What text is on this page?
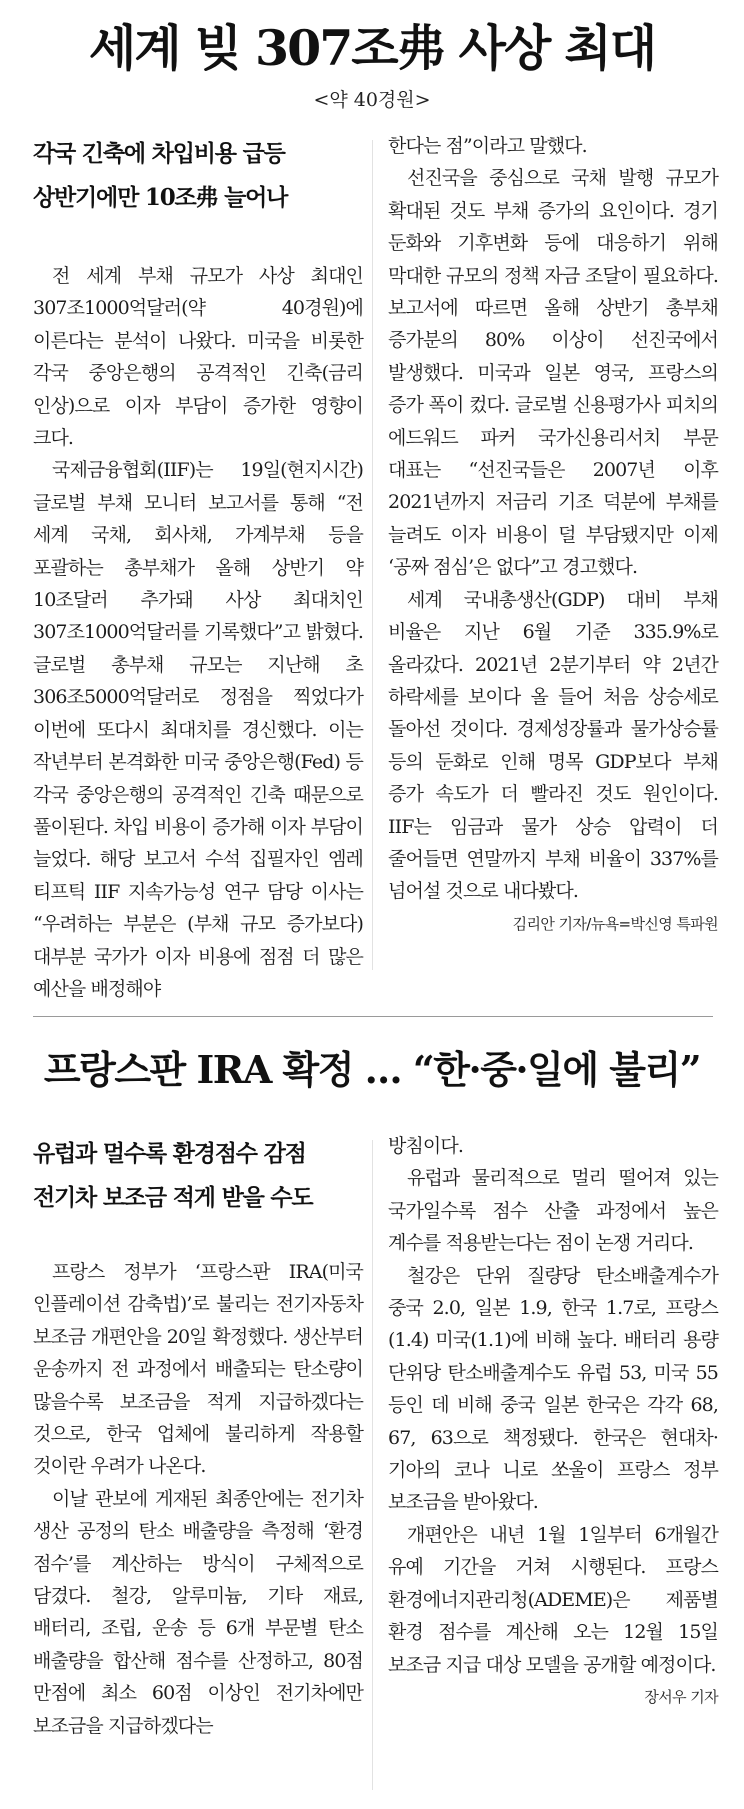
세계 빚 307조弗 사상 최대
<약 40경원>

각국 긴축에 차입비용 급등

상반기에만 10조弗 늘어나

전 세계 부채 규모가 사상 최대인 307조1000억달러(약 40경원)에 이른다는 분석이 나왔다. 미국을 비롯한 각국 중앙은행의 공격적인 긴축(금리 인상)으로 이자 부담이 증가한 영향이 크다.

국제금융협회(IIF)는 19일(현지시간) 글로벌 부채 모니터 보고서를 통해 “전 세계 국채, 회사채, 가계부채 등을 포괄하는 총부채가 올해 상반기 약 10조달러 추가돼 사상 최대치인 307조1000억달러를 기록했다”고 밝혔다. 글로벌 총부채 규모는 지난해 초 306조5000억달러로 정점을 찍었다가 이번에 또다시 최대치를 경신했다. 이는 작년부터 본격화한 미국 중앙은행(Fed) 등 각국 중앙은행의 공격적인 긴축 때문으로 풀이된다. 차입 비용이 증가해 이자 부담이 늘었다. 해당 보고서 수석 집필자인 엠레 티프틱 IIF 지속가능성 연구 담당 이사는 “우려하는 부분은 (부채 규모 증가보다) 대부분 국가가 이자 비용에 점점 더 많은 예산을 배정해야

한다는 점”이라고 말했다.

선진국을 중심으로 국채 발행 규모가 확대된 것도 부채 증가의 요인이다. 경기 둔화와 기후변화 등에 대응하기 위해 막대한 규모의 정책 자금 조달이 필요하다. 보고서에 따르면 올해 상반기 총부채 증가분의 80% 이상이 선진국에서 발생했다. 미국과 일본 영국, 프랑스의 증가 폭이 컸다. 글로벌 신용평가사 피치의 에드워드 파커 국가신용리서치 부문 대표는 “선진국들은 2007년 이후 2021년까지 저금리 기조 덕분에 부채를 늘려도 이자 비용이 덜 부담됐지만 이제 ‘공짜 점심’은 없다”고 경고했다.

세계 국내총생산(GDP) 대비 부채 비율은 지난 6월 기준 335.9%로 올라갔다. 2021년 2분기부터 약 2년간 하락세를 보이다 올 들어 처음 상승세로 돌아선 것이다. 경제성장률과 물가상승률 등의 둔화로 인해 명목 GDP보다 부채 증가 속도가 더 빨라진 것도 원인이다. IIF는 임금과 물가 상승 압력이 더 줄어들면 연말까지 부채 비율이 337%를 넘어설 것으로 내다봤다.

김리안 기자/뉴욕=박신영 특파원
프랑스판 IRA 확정 … “한·중·일에 불리”

유럽과 멀수록 환경점수 감점

전기차 보조금 적게 받을 수도

프랑스 정부가 ‘프랑스판 IRA(미국 인플레이션 감축법)’로 불리는 전기자동차 보조금 개편안을 20일 확정했다. 생산부터 운송까지 전 과정에서 배출되는 탄소량이 많을수록 보조금을 적게 지급하겠다는 것으로, 한국 업체에 불리하게 작용할 것이란 우려가 나온다.

이날 관보에 게재된 최종안에는 전기차 생산 공정의 탄소 배출량을 측정해 ‘환경 점수’를 계산하는 방식이 구체적으로 담겼다. 철강, 알루미늄, 기타 재료, 배터리, 조립, 운송 등 6개 부문별 탄소 배출량을 합산해 점수를 산정하고, 80점 만점에 최소 60점 이상인 전기차에만 보조금을 지급하겠다는

방침이다.

유럽과 물리적으로 멀리 떨어져 있는 국가일수록 점수 산출 과정에서 높은 계수를 적용받는다는 점이 논쟁 거리다.

철강은 단위 질량당 탄소배출계수가 중국 2.0, 일본 1.9, 한국 1.7로, 프랑스(1.4) 미국(1.1)에 비해 높다. 배터리 용량 단위당 탄소배출계수도 유럽 53, 미국 55 등인 데 비해 중국 일본 한국은 각각 68, 67, 63으로 책정됐다. 한국은 현대차·기아의 코나 니로 쏘울이 프랑스 정부 보조금을 받아왔다.

개편안은 내년 1월 1일부터 6개월간 유예 기간을 거쳐 시행된다. 프랑스 환경에너지관리청(ADEME)은 제품별 환경 점수를 계산해 오는 12월 15일 보조금 지급 대상 모델을 공개할 예정이다.

장서우 기자
